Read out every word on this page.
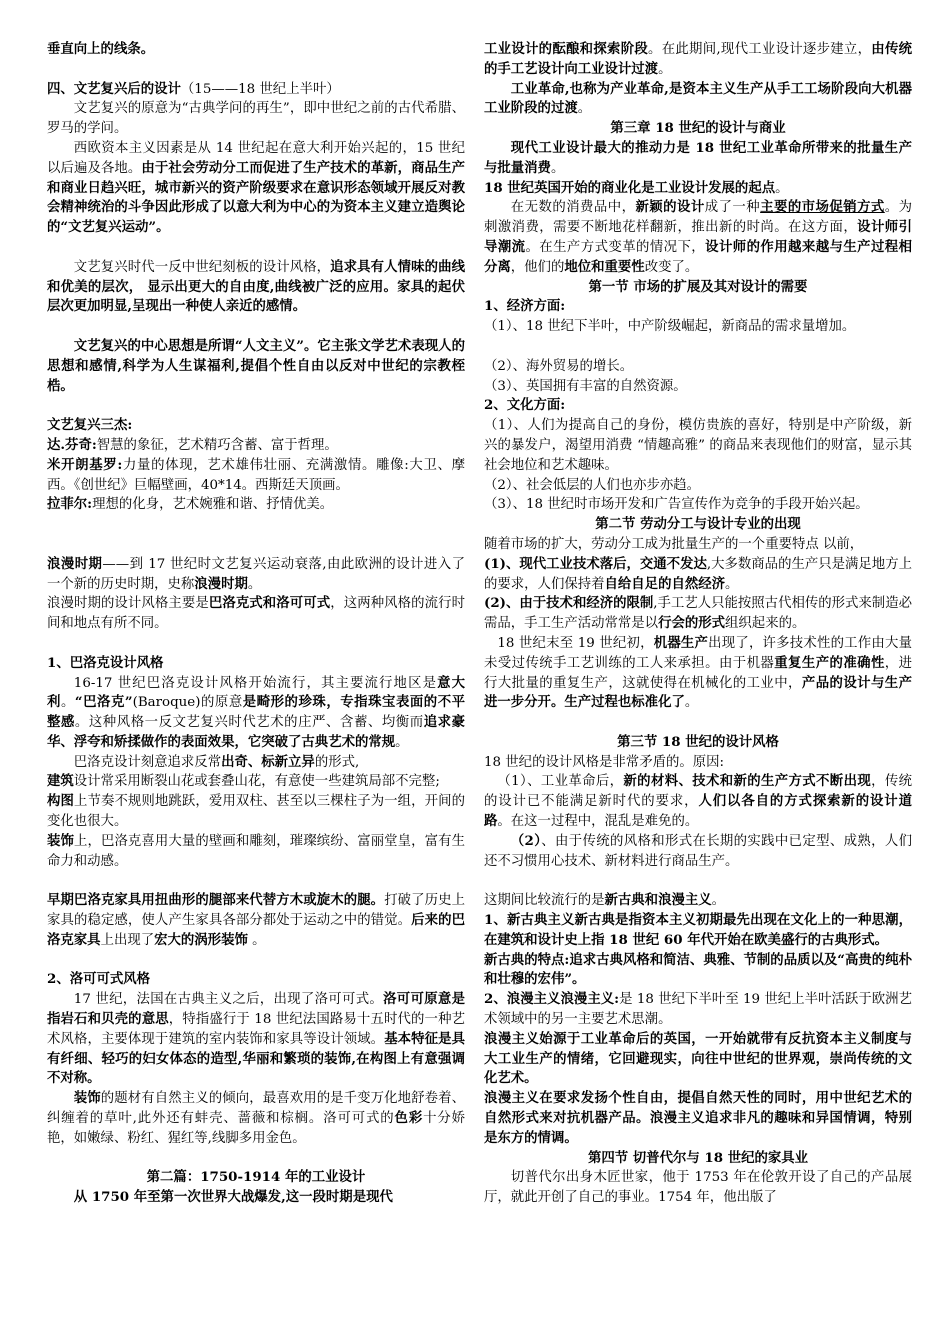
垂直向上的线条。

四、文艺复兴后的设计（15——18 世纪上半叶）

文艺复兴的原意为“古典学问的再生”，即中世纪之前的古代希腊、罗马的学问。

西欧资本主义因素是从 14 世纪起在意大利开始兴起的，15 世纪以后遍及各地。由于社会劳动分工而促进了生产技术的革新，商品生产和商业日趋兴旺，城市新兴的资产阶级要求在意识形态领域开展反对教会精神统治的斗争因此形成了以意大利为中心的为资本主义建立造舆论的“文艺复兴运动”。

文艺复兴时代一反中世纪刻板的设计风格，追求具有人情味的曲线和优美的层次， 显示出更大的自由度,曲线被广泛的应用。家具的起伏层次更加明显,呈现出一种使人亲近的感情。

文艺复兴的中心思想是所谓“人文主义”。它主张文学艺术表现人的思想和感情,科学为人生谋福利,提倡个性自由以反对中世纪的宗教桎梏。

文艺复兴三杰:

达.芬奇:智慧的象征，艺术精巧含蓄、富于哲理。

米开朗基罗:力量的体现，艺术雄伟壮丽、充满激情。雕像:大卫、摩西。《创世纪》巨幅壁画，40*14。西斯廷天顶画。

拉菲尔:理想的化身，艺术婉雅和谐、抒情优美。

浪漫时期——到 17 世纪时文艺复兴运动衰落,由此欧洲的设计进入了一个新的历史时期，史称浪漫时期。

浪漫时期的设计风格主要是巴洛克式和洛可可式，这两种风格的流行时间和地点有所不同。

1、巴洛克设计风格

16-17 世纪巴洛克设计风格开始流行，其主要流行地区是意大利。“巴洛克”(Baroque)的原意是畸形的珍珠，专指珠宝表面的不平整感。这种风格一反文艺复兴时代艺术的庄严、含蓄、均衡而追求豪华、浮夸和矫揉做作的表面效果，它突破了古典艺术的常规。

巴洛克设计刻意追求反常出奇、标新立异的形式,

建筑设计常采用断裂山花或套叠山花，有意使一些建筑局部不完整;

构图上节奏不规则地跳跃，爱用双柱、甚至以三棵柱子为一组，开间的变化也很大。

装饰上，巴洛克喜用大量的壁画和雕刻，璀璨缤纷、富丽堂皇，富有生命力和动感。

早期巴洛克家具用扭曲形的腿部来代替方木或旋木的腿。打破了历史上家具的稳定感，使人产生家具各部分都处于运动之中的错觉。后来的巴洛克家具上出现了宏大的涡形装饰 。

2、洛可可式风格

17 世纪，法国在古典主义之后，出现了洛可可式。洛可可原意是指岩石和贝壳的意思，特指盛行于 18 世纪法国路易十五时代的一种艺术风格，主要体现于建筑的室内装饰和家具等设计领域。基本特征是具有纤细、轻巧的妇女体态的造型,华丽和繁琐的装饰,在构图上有意强调不对称。

装饰的题材有自然主义的倾向，最喜欢用的是千变万化地舒卷着、纠缠着的草叶,此外还有蚌壳、蔷薇和棕榈。洛可可式的色彩十分娇艳，如嫩绿、粉红、猩红等,线脚多用金色。

第二篇：1750-1914 年的工业设计

从 1750 年至第一次世界大战爆发,这一段时期是现代

工业设计的酝酿和探索阶段。在此期间,现代工业设计逐步建立，由传统的手工艺设计向工业设计过渡。

工业革命,也称为产业革命,是资本主义生产从手工工场阶段向大机器工业阶段的过渡。

第三章 18 世纪的设计与商业

现代工业设计最大的推动力是 18 世纪工业革命所带来的批量生产与批量消费。

18 世纪英国开始的商业化是工业设计发展的起点。

在无数的消费品中，新颖的设计成了一种主要的市场促销方式。为刺激消费，需要不断地花样翻新，推出新的时尚。在这方面，设计师引导潮流。在生产方式变革的情况下，设计师的作用越来越与生产过程相分离，他们的地位和重要性改变了。

第一节 市场的扩展及其对设计的需要

1、经济方面:

（1）、18 世纪下半叶，中产阶级崛起，新商品的需求量增加。

（2）、海外贸易的增长。

（3）、英国拥有丰富的自然资源。

2、文化方面:

（1）、人们为提高自己的身份，模仿贵族的喜好，特别是中产阶级，新兴的暴发户，渴望用消费 “情趣高雅” 的商品来表现他们的财富，显示其社会地位和艺术趣味。

（2）、社会低层的人们也亦步亦趋。

（3）、18 世纪时市场开发和广告宣传作为竞争的手段开始兴起。

第二节 劳动分工与设计专业的出现

随着市场的扩大，劳动分工成为批量生产的一个重要特点 以前，

(1)、现代工业技术落后，交通不发达,大多数商品的生产只是满足地方上的要求，人们保持着自给自足的自然经济。

(2)、由于技术和经济的限制,手工艺人只能按照古代相传的形式来制造必需品，手工生产活动常常是以行会的形式组织起来的。

18 世纪末至 19 世纪初，机器生产出现了，许多技术性的工作由大量未受过传统手工艺训练的工人来承担。由于机器重复生产的准确性，进行大批量的重复生产，这就使得在机械化的工业中，产品的设计与生产进一步分开。生产过程也标准化了。

第三节 18 世纪的设计风格

18 世纪的设计风格是非常矛盾的。原因:

（1）、工业革命后，新的材料、技术和新的生产方式不断出现，传统的设计已不能满足新时代的要求，人们以各自的方式探索新的设计道路。在这一过程中，混乱是难免的。

（2）、由于传统的风格和形式在长期的实践中已定型、成熟，人们还不习惯用心技术、新材料进行商品生产。

这期间比较流行的是新古典和浪漫主义。

1、新古典主义新古典是指资本主义初期最先出现在文化上的一种思潮，在建筑和设计史上指 18 世纪 60 年代开始在欧美盛行的古典形式。

新古典的特点:追求古典风格和简洁、典雅、节制的品质以及“高贵的纯朴和壮穆的宏伟”。

2、浪漫主义浪漫主义:是 18 世纪下半叶至 19 世纪上半叶活跃于欧洲艺术领域中的另一主要艺术思潮。

浪漫主义始源于工业革命后的英国，一开始就带有反抗资本主义制度与大工业生产的情绪，它回避现实，向往中世纪的世界观，崇尚传统的文化艺术。

浪漫主义在要求发扬个性自由，提倡自然天性的同时，用中世纪艺术的自然形式来对抗机器产品。浪漫主义追求非凡的趣味和异国情调，特别是东方的情调。

第四节 切普代尔与 18 世纪的家具业

切普代尔出身木匠世家，他于 1753 年在伦敦开设了自己的产品展厅，就此开创了自己的事业。1754 年，他出版了
